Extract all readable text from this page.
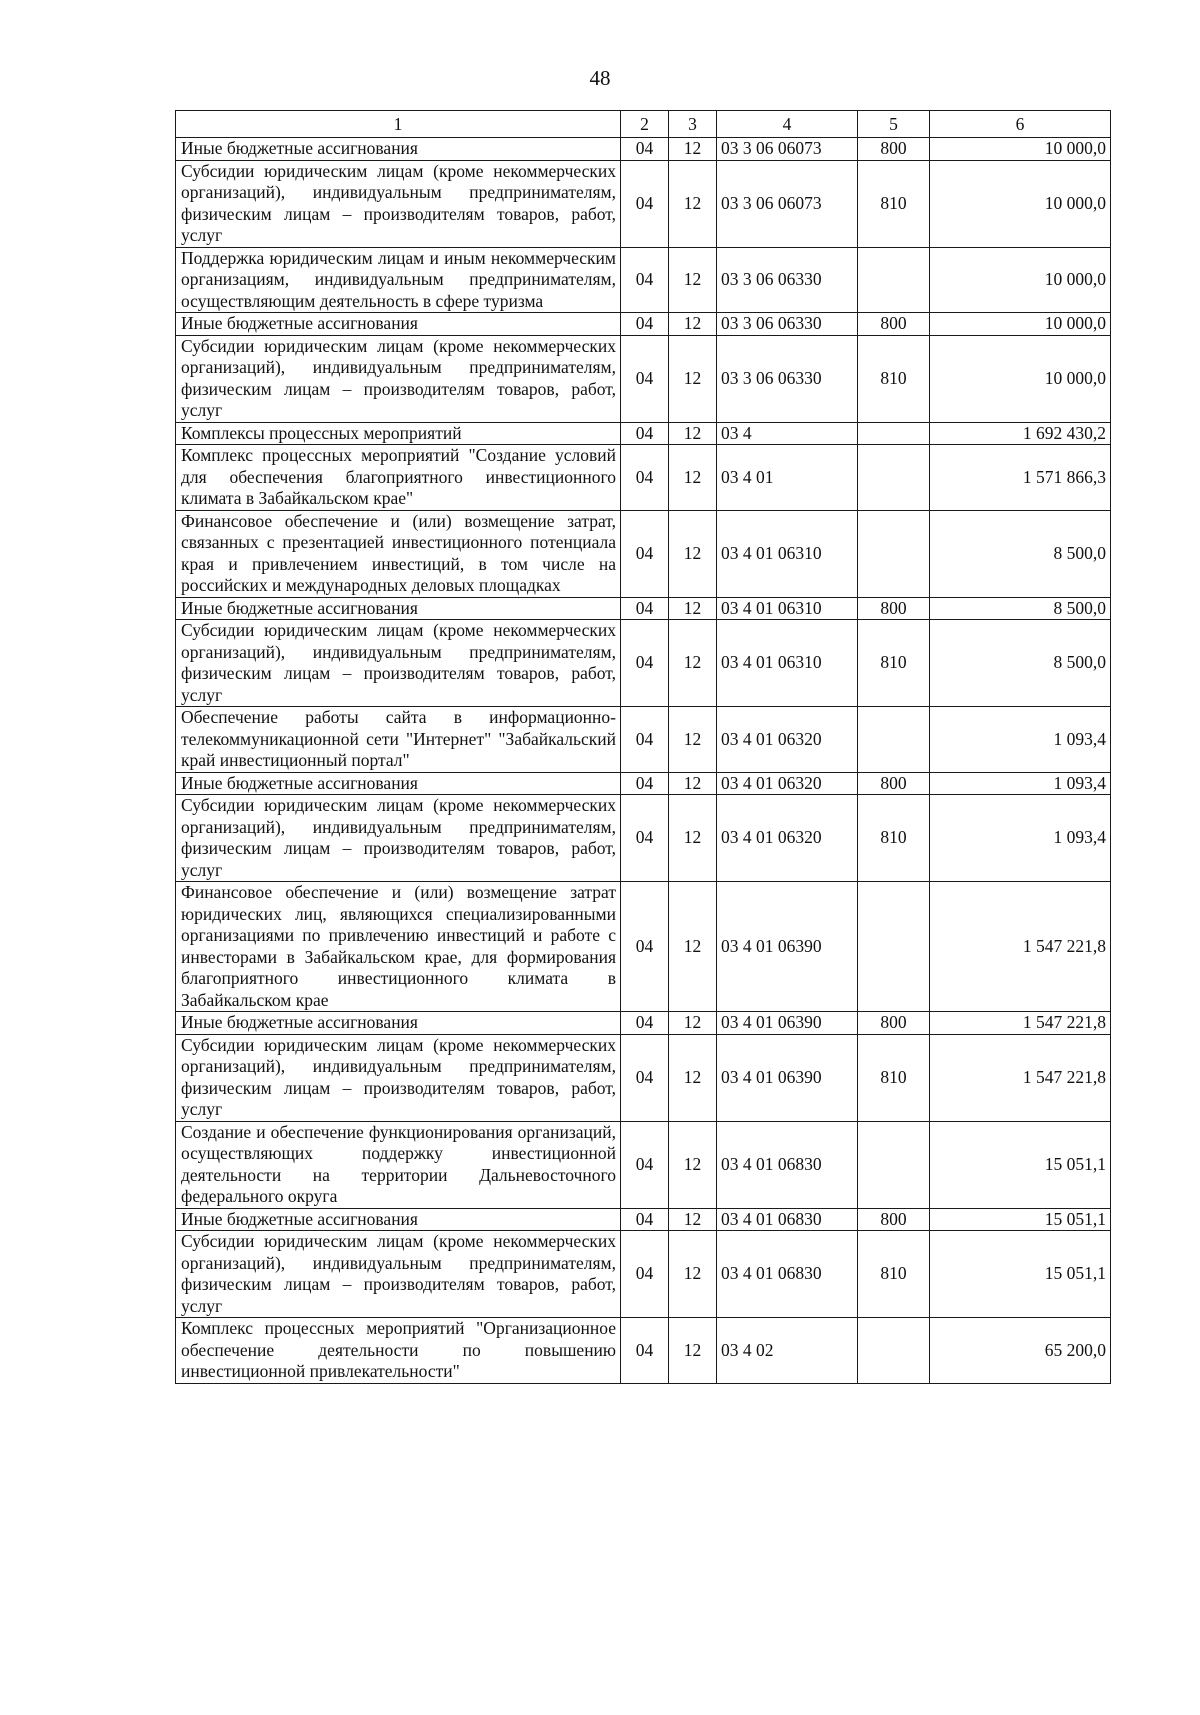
48
1	2	3	4	5	6
Иные бюджетные ассигнования	04	12	03 3 06 06073	800	10 000,0
Субсидии юридическим лицам (кроме некоммерческих организаций), индивидуальным предпринимателям, физическим лицам – производителям товаров, работ, услуг	04	12	03 3 06 06073	810	10 000,0
Поддержка юридическим лицам и иным некоммерческим организациям, индивидуальным предпринимателям, осуществляющим деятельность в сфере туризма	04	12	03 3 06 06330		10 000,0
Иные бюджетные ассигнования	04	12	03 3 06 06330	800	10 000,0
Субсидии юридическим лицам (кроме некоммерческих организаций), индивидуальным предпринимателям, физическим лицам – производителям товаров, работ, услуг	04	12	03 3 06 06330	810	10 000,0
Комплексы процессных мероприятий	04	12	03 4		1 692 430,2
Комплекс процессных мероприятий "Создание условий для обеспечения благоприятного инвестиционного климата в Забайкальском крае"	04	12	03 4 01		1 571 866,3
Финансовое обеспечение и (или) возмещение затрат, связанных с презентацией инвестиционного потенциала края и привлечением инвестиций, в том числе на российских и международных деловых площадках	04	12	03 4 01 06310		8 500,0
Иные бюджетные ассигнования	04	12	03 4 01 06310	800	8 500,0
Субсидии юридическим лицам (кроме некоммерческих организаций), индивидуальным предпринимателям, физическим лицам – производителям товаров, работ, услуг	04	12	03 4 01 06310	810	8 500,0
Обеспечение работы сайта в информационно-телекоммуникационной сети "Интернет" "Забайкальский край инвестиционный портал"	04	12	03 4 01 06320		1 093,4
Иные бюджетные ассигнования	04	12	03 4 01 06320	800	1 093,4
Субсидии юридическим лицам (кроме некоммерческих организаций), индивидуальным предпринимателям, физическим лицам – производителям товаров, работ, услуг	04	12	03 4 01 06320	810	1 093,4
Финансовое обеспечение и (или) возмещение затрат юридических лиц, являющихся специализированными организациями по привлечению инвестиций и работе с инвесторами в Забайкальском крае, для формирования благоприятного инвестиционного климата в Забайкальском крае	04	12	03 4 01 06390		1 547 221,8
Иные бюджетные ассигнования	04	12	03 4 01 06390	800	1 547 221,8
Субсидии юридическим лицам (кроме некоммерческих организаций), индивидуальным предпринимателям, физическим лицам – производителям товаров, работ, услуг	04	12	03 4 01 06390	810	1 547 221,8
Создание и обеспечение функционирования организаций, осуществляющих поддержку инвестиционной деятельности на территории Дальневосточного федерального округа	04	12	03 4 01 06830		15 051,1
Иные бюджетные ассигнования	04	12	03 4 01 06830	800	15 051,1
Субсидии юридическим лицам (кроме некоммерческих организаций), индивидуальным предпринимателям, физическим лицам – производителям товаров, работ, услуг	04	12	03 4 01 06830	810	15 051,1
Комплекс процессных мероприятий "Организационное обеспечение деятельности по повышению инвестиционной привлекательности"	04	12	03 4 02		65 200,0
